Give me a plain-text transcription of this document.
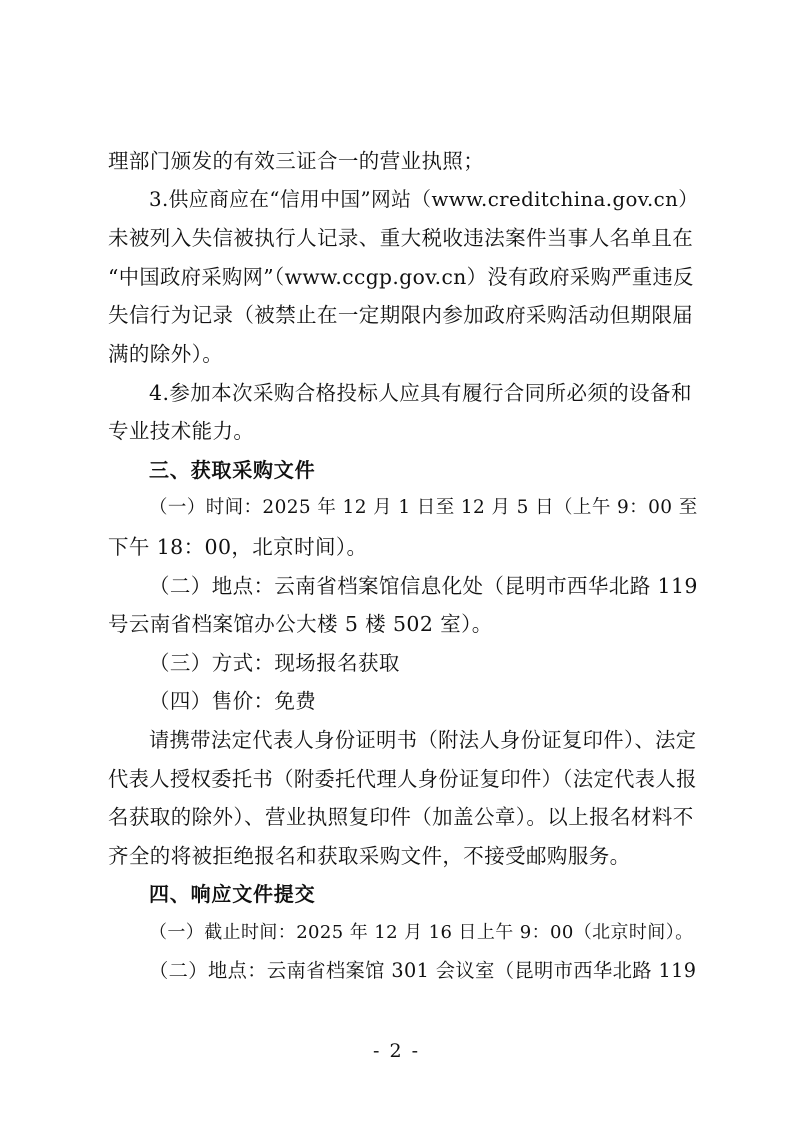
理部门颁发的有效三证合一的营业执照；
3.供应商应在“信用中国”网站（www.creditchina.gov.cn）
未被列入失信被执行人记录、重大税收违法案件当事人名单且在
“中国政府采购网”（www.ccgp.gov.cn）没有政府采购严重违反
失信行为记录（被禁止在一定期限内参加政府采购活动但期限届
满的除外）。
4.参加本次采购合格投标人应具有履行合同所必须的设备和
专业技术能力。
三、获取采购文件
（一）时间：2025 年 12 月 1 日至 12 月 5 日（上午 9：00 至
下午 18：00，北京时间）。
（二）地点：云南省档案馆信息化处（昆明市西华北路 119
号云南省档案馆办公大楼 5 楼 502 室）。
（三）方式：现场报名获取
（四）售价：免费
请携带法定代表人身份证明书（附法人身份证复印件）、法定
代表人授权委托书（附委托代理人身份证复印件）（法定代表人报
名获取的除外）、营业执照复印件（加盖公章）。以上报名材料不
齐全的将被拒绝报名和获取采购文件，不接受邮购服务。
四、响应文件提交
（一）截止时间：2025 年 12 月 16 日上午 9：00（北京时间）。
（二）地点：云南省档案馆 301 会议室（昆明市西华北路 119
- 2 -
